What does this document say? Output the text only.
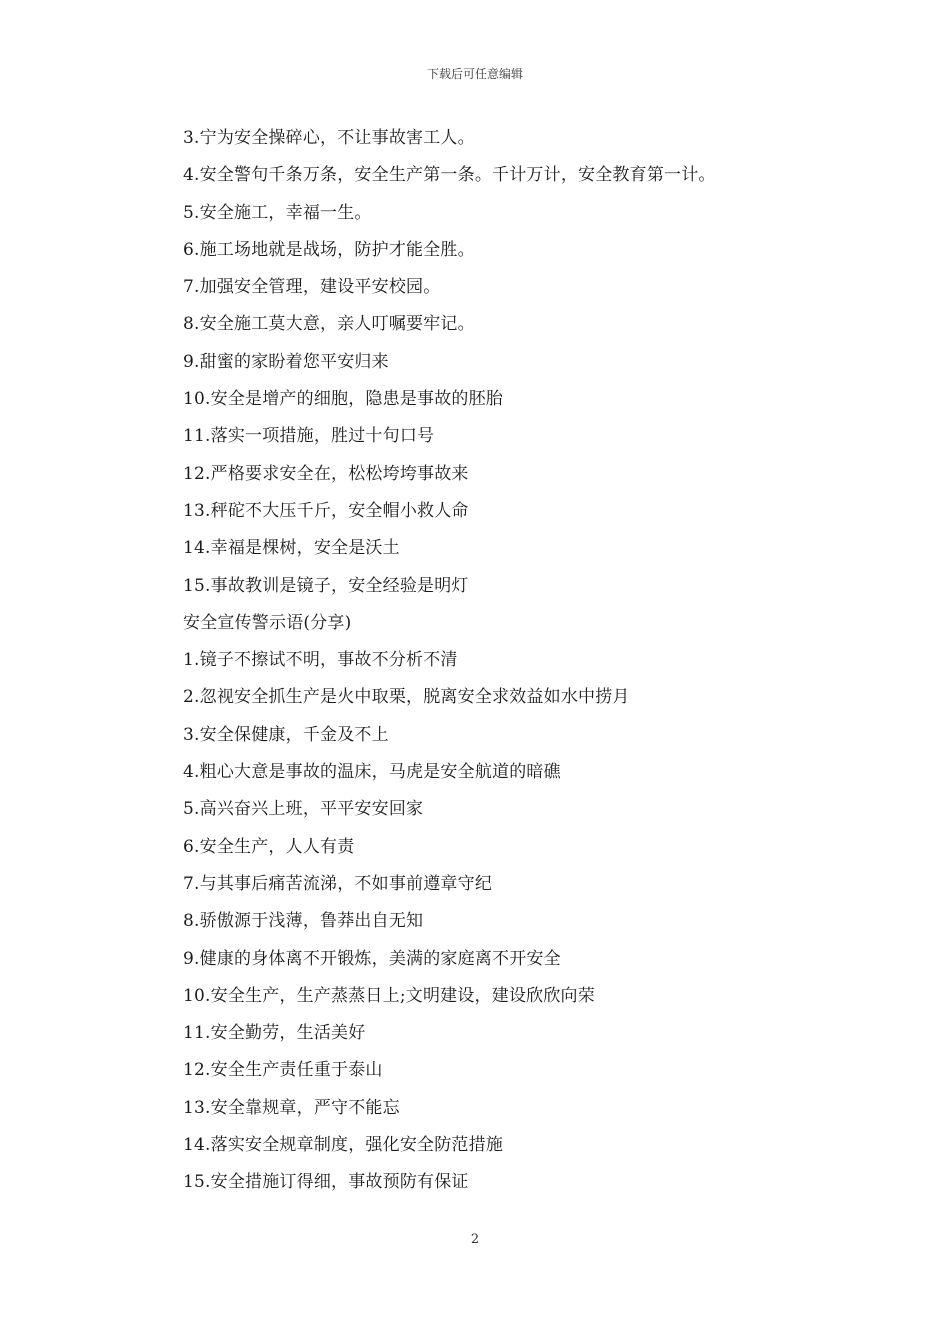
下载后可任意编辑
3.宁为安全操碎心，不让事故害工人。
4.安全警句千条万条，安全生产第一条。千计万计，安全教育第一计。
5.安全施工，幸福一生。
6.施工场地就是战场，防护才能全胜。
7.加强安全管理，建设平安校园。
8.安全施工莫大意，亲人叮嘱要牢记。
9.甜蜜的家盼着您平安归来
10.安全是增产的细胞，隐患是事故的胚胎
11.落实一项措施，胜过十句口号
12.严格要求安全在，松松垮垮事故来
13.秤砣不大压千斤，安全帽小救人命
14.幸福是棵树，安全是沃土
15.事故教训是镜子，安全经验是明灯
安全宣传警示语(分享)
1.镜子不擦试不明，事故不分析不清
2.忽视安全抓生产是火中取栗，脱离安全求效益如水中捞月
3.安全保健康，千金及不上
4.粗心大意是事故的温床，马虎是安全航道的暗礁
5.高兴奋兴上班，平平安安回家
6.安全生产，人人有责
7.与其事后痛苦流涕，不如事前遵章守纪
8.骄傲源于浅薄，鲁莽出自无知
9.健康的身体离不开锻炼，美满的家庭离不开安全
10.安全生产，生产蒸蒸日上;文明建设，建设欣欣向荣
11.安全勤劳，生活美好
12.安全生产责任重于泰山
13.安全靠规章，严守不能忘
14.落实安全规章制度，强化安全防范措施
15.安全措施订得细，事故预防有保证
2
